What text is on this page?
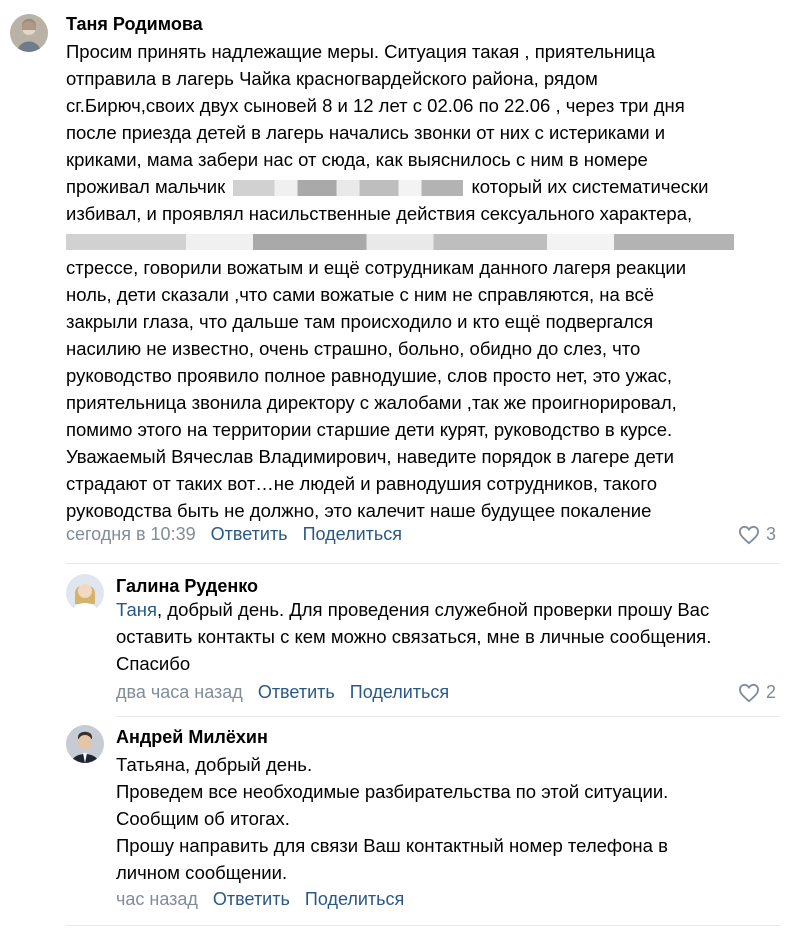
Таня Родимова
Просим принять надлежащие меры. Ситуация такая , приятельница
отправила в лагерь Чайка красногвардейского района, рядом
сг.Бирюч,своих двух сыновей 8 и 12 лет с 02.06 по 22.06 , через три дня
после приезда детей в лагерь начались звонки от них с истериками и
криками, мама забери нас от сюда, как выяснилось с ним в номере
проживал мальчик	который их систематически
избивал, и проявлял насильственные действия сексуального характера,
стрессе, говорили вожатым и ещё сотрудникам данного лагеря реакции
ноль, дети сказали ,что сами вожатые с ним не справляются, на всё
закрыли глаза, что дальше там происходило и кто ещё подвергался
насилию не известно, очень страшно, больно, обидно до слез, что
руководство проявило полное равнодушие, слов просто нет, это ужас,
приятельница звонила директору с жалобами ,так же проигнорировал,
помимо этого на территории старшие дети курят, руководство в курсе.
Уважаемый Вячеслав Владимирович, наведите порядок в лагере дети
страдают от таких вот…не людей и равнодушия сотрудников, такого
руководства быть не должно, это калечит наше будущее покаление
сегодня в 10:39 Ответить Поделиться	3
Галина Руденко
Таня, добрый день. Для проведения служебной проверки прошу Вас
оставить контакты с кем можно связаться, мне в личные сообщения.
Спасибо
два часа назад Ответить Поделиться	2
Андрей Милёхин
Татьяна, добрый день.
Проведем все необходимые разбирательства по этой ситуации.
Сообщим об итогах.
Прошу направить для связи Ваш контактный номер телефона в
личном сообщении.
час назад Ответить Поделиться
